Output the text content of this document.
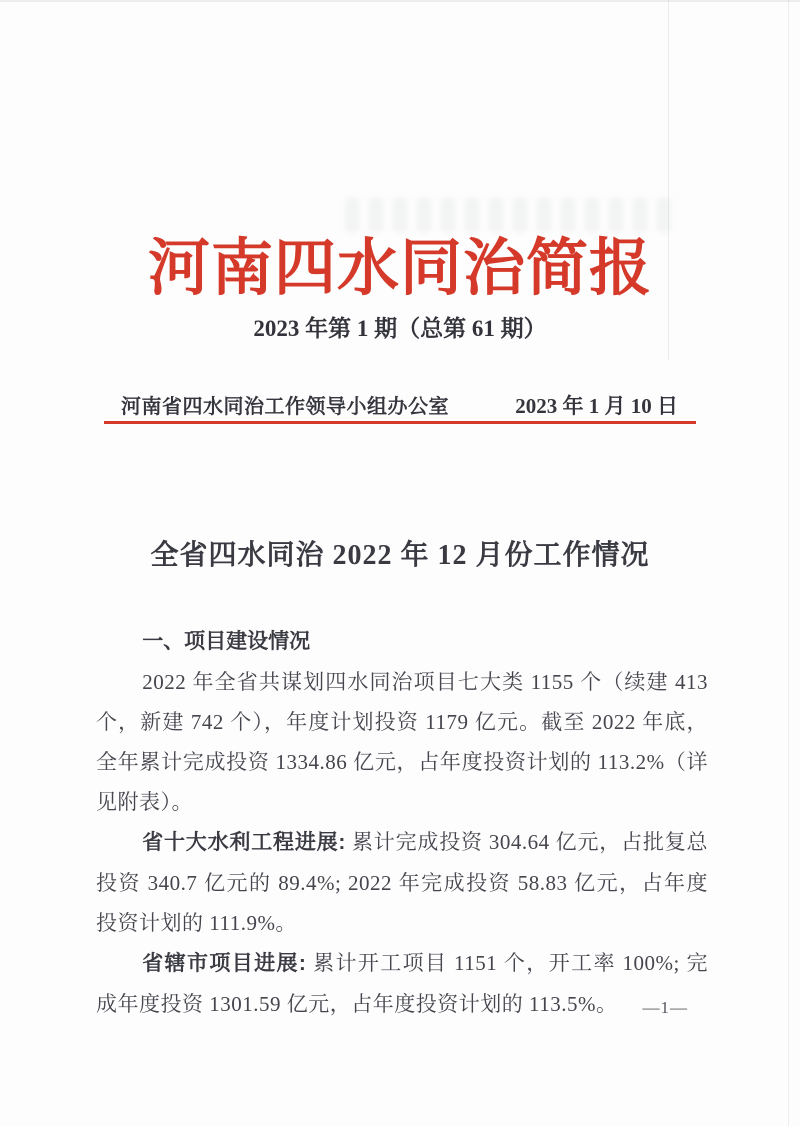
河南四水同治简报
2023 年第 1 期（总第 61 期）
河南省四水同治工作领导小组办公室	2023 年 1 月 10 日
全省四水同治 2022 年 12 月份工作情况
一、项目建设情况

2022 年全省共谋划四水同治项目七大类 1155 个（续建 413 个，新建 742 个），年度计划投资 1179 亿元。截至 2022 年底，全年累计完成投资 1334.86 亿元，占年度投资计划的 113.2%（详见附表）。

省十大水利工程进展: 累计完成投资 304.64 亿元，占批复总投资 340.7 亿元的 89.4%; 2022 年完成投资 58.83 亿元，占年度投资计划的 111.9%。

省辖市项目进展: 累计开工项目 1151 个，开工率 100%; 完成年度投资 1301.59 亿元，占年度投资计划的 113.5%。	—1—
